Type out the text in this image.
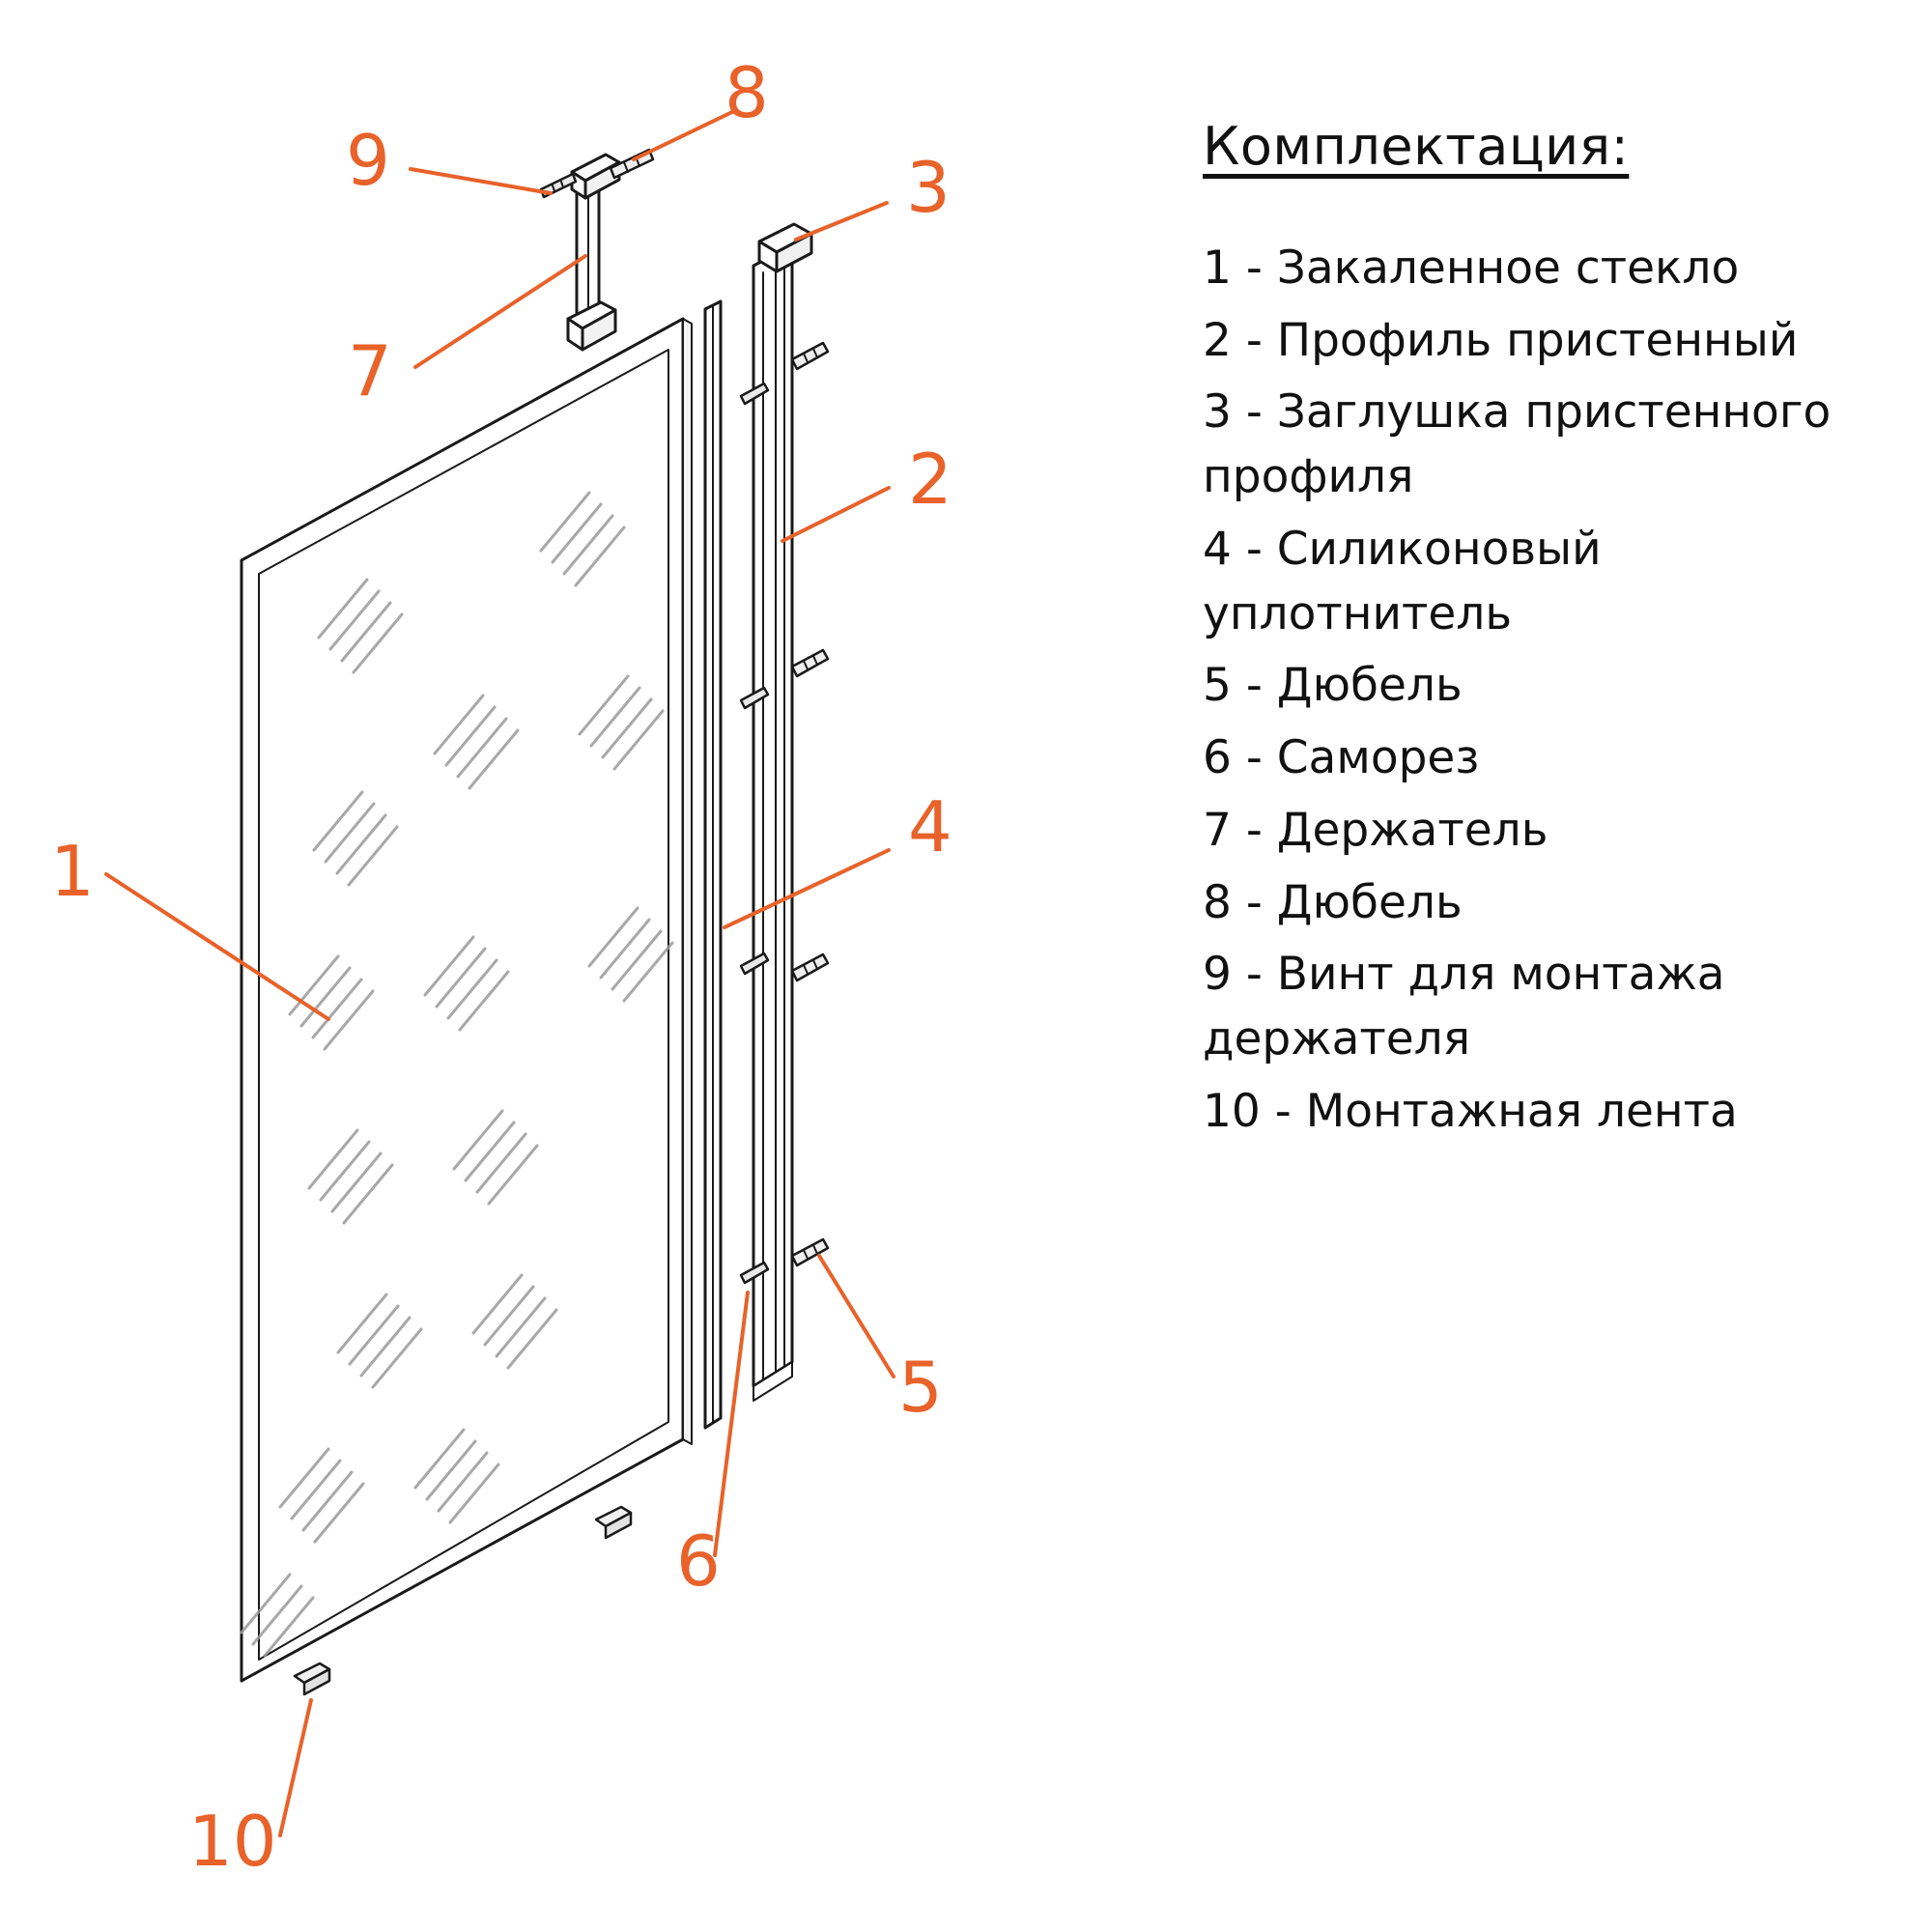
1
2
3
4
5
6
7
8
9
10
Комплектация:
1 - Закаленное стекло
2 - Профиль пристенный
3 - Заглушка пристенного профиля
4 - Силиконовый уплотнитель
5 - Дюбель
6 - Саморез
7 - Держатель
8 - Дюбель
9 - Винт для монтажа держателя
10 - Монтажная лента
